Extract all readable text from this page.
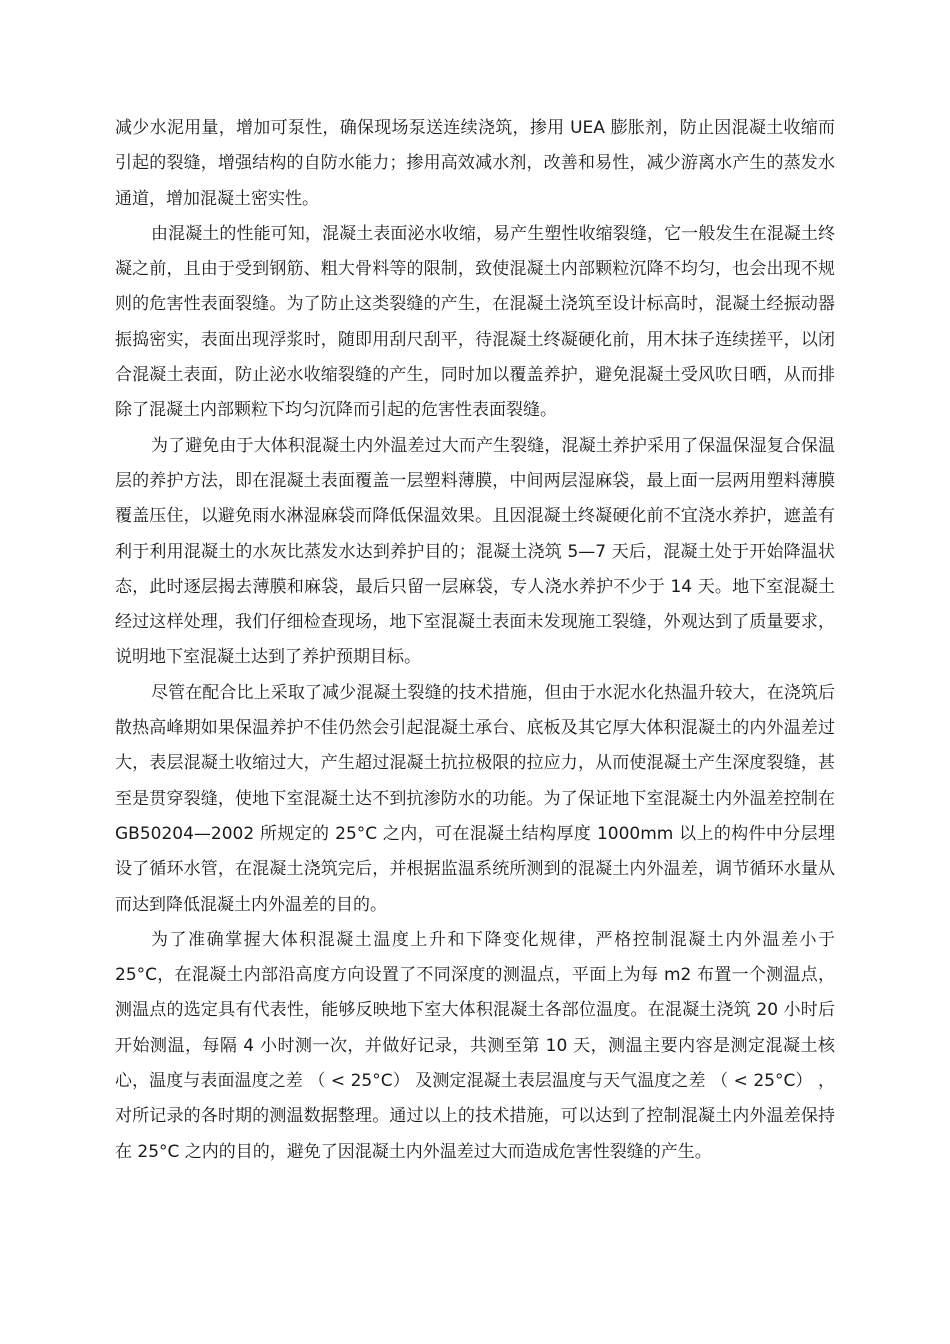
减少水泥用量，增加可泵性，确保现场泵送连续浇筑，掺用 UEA 膨胀剂，防止因混凝土收缩而引起的裂缝，增强结构的自防水能力；掺用高效减水剂，改善和易性，减少游离水产生的蒸发水通道，增加混凝土密实性。

由混凝土的性能可知，混凝土表面泌水收缩，易产生塑性收缩裂缝，它一般发生在混凝土终凝之前，且由于受到钢筋、粗大骨料等的限制，致使混凝土内部颗粒沉降不均匀，也会出现不规则的危害性表面裂缝。为了防止这类裂缝的产生，在混凝土浇筑至设计标高时，混凝土经振动器振捣密实，表面出现浮浆时，随即用刮尺刮平，待混凝土终凝硬化前，用木抹子连续搓平，以闭合混凝土表面，防止泌水收缩裂缝的产生，同时加以覆盖养护，避免混凝土受风吹日晒，从而排除了混凝土内部颗粒下均匀沉降而引起的危害性表面裂缝。

为了避免由于大体积混凝土内外温差过大而产生裂缝，混凝土养护采用了保温保湿复合保温层的养护方法，即在混凝土表面覆盖一层塑料薄膜，中间两层湿麻袋，最上面一层两用塑料薄膜覆盖压住，以避免雨水淋湿麻袋而降低保温效果。且因混凝土终凝硬化前不宜浇水养护，遮盖有利于利用混凝土的水灰比蒸发水达到养护目的；混凝土浇筑 5—7 天后，混凝土处于开始降温状态，此时逐层揭去薄膜和麻袋，最后只留一层麻袋，专人浇水养护不少于 14 天。地下室混凝土经过这样处理，我们仔细检查现场，地下室混凝土表面未发现施工裂缝，外观达到了质量要求，说明地下室混凝土达到了养护预期目标。

尽管在配合比上采取了减少混凝土裂缝的技术措施，但由于水泥水化热温升较大，在浇筑后散热高峰期如果保温养护不佳仍然会引起混凝土承台、底板及其它厚大体积混凝土的内外温差过大，表层混凝土收缩过大，产生超过混凝土抗拉极限的拉应力，从而使混凝土产生深度裂缝，甚至是贯穿裂缝，使地下室混凝土达不到抗渗防水的功能。为了保证地下室混凝土内外温差控制在 GB50204—2002 所规定的 25°C 之内，可在混凝土结构厚度 1000mm 以上的构件中分层埋设了循环水管，在混凝土浇筑完后，并根据监温系统所测到的混凝土内外温差，调节循环水量从而达到降低混凝土内外温差的目的。

为了准确掌握大体积混凝土温度上升和下降变化规律，严格控制混凝土内外温差小于 25°C，在混凝土内部沿高度方向设置了不同深度的测温点，平面上为每 m2 布置一个测温点，测温点的选定具有代表性，能够反映地下室大体积混凝土各部位温度。在混凝土浇筑 20 小时后开始测温，每隔 4 小时测一次，并做好记录，共测至第 10 天，测温主要内容是测定混凝土核心，温度与表面温度之差 （ < 25°C） 及测定混凝土表层温度与天气温度之差 （ < 25°C） ，对所记录的各时期的测温数据整理。通过以上的技术措施，可以达到了控制混凝土内外温差保持在 25°C 之内的目的，避免了因混凝土内外温差过大而造成危害性裂缝的产生。
